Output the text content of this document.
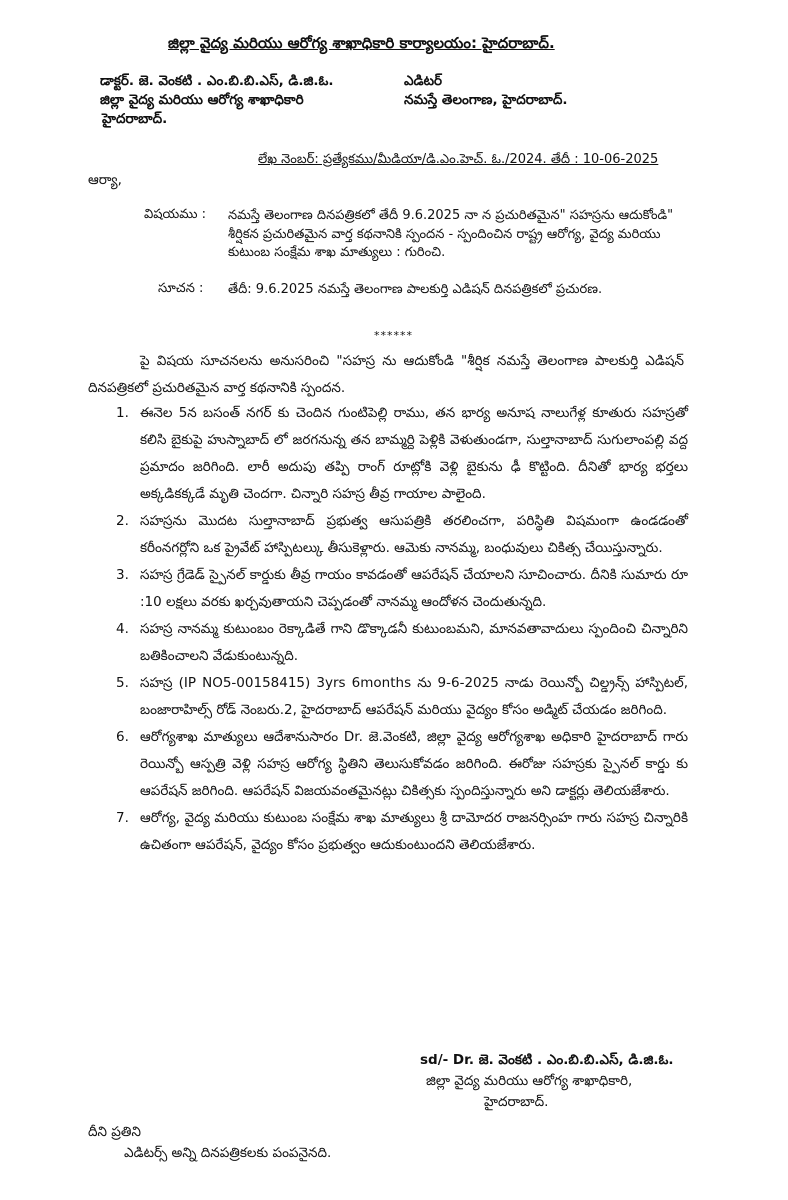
జిల్లా వైద్య మరియు ఆరోగ్య శాఖాధికారి కార్యాలయం: హైదరాబాద్.
డాక్టర్. జె. వెంకటి . ఎం.బి.బి.ఎస్, డి.జి.ఓ.
జిల్లా వైద్య మరియు ఆరోగ్య శాఖాధికారి
హైదరాబాద్.
ఎడిటర్
నమస్తే తెలంగాణ, హైదరాబాద్.
లేఖ నెంబర్: ప్రత్యేకము/మీడియా/డి.ఎం.హెచ్. ఓ./2024. తేదీ : 10-06-2025
ఆర్యా,
విషయము : నమస్తే తెలంగాణ దినపత్రికలో తేదీ 9.6.2025 నా న ప్రచురితమైన" సహస్రను ఆదుకోండి" శీర్షికన ప్రచురితమైన వార్త కథనానికి స్పందన - స్పందించిన రాష్ట్ర ఆరోగ్య, వైద్య మరియు కుటుంబ సంక్షేమ శాఖ మాత్యులు : గురించి.
సూచన : తేదీ: 9.6.2025 నమస్తే తెలంగాణ పాలకుర్తి ఎడిషన్ దినపత్రికలో ప్రచురణ.
******
పై విషయ సూచనలను అనుసరించి "సహస్ర ను ఆదుకోండి "శీర్షిక నమస్తే తెలంగాణ పాలకుర్తి ఎడిషన్ దినపత్రికలో ప్రచురితమైన వార్త కథనానికి స్పందన.
1. ఈనెల 5న బసంత్ నగర్ కు చెందిన గుంటిపెల్లి రాము, తన భార్య అనూష నాలుగేళ్ల కూతురు సహస్రతో కలిసి బైకుపై హుస్నాబాద్ లో జరగనున్న తన బామ్మర్ది పెళ్లికి వెళుతుండగా, సుల్తానాబాద్ సుగులాంపల్లి వద్ద ప్రమాదం జరిగింది. లారీ అదుపు తప్పి రాంగ్ రూట్లోకి వెళ్లి బైకును ఢీ కొట్టింది. దీనితో భార్య భర్తలు అక్కడికక్కడే మృతి చెందగా. చిన్నారి సహస్ర తీవ్ర గాయాల పాలైంది.
2. సహస్రను మొదట సుల్తానాబాద్ ప్రభుత్వ ఆసుపత్రికి తరలించగా, పరిస్థితి విషమంగా ఉండడంతో కరీంనగర్లోని ఒక ప్రైవేట్ హాస్పిటల్కు తీసుకెళ్లారు. ఆమెకు నానమ్మ, బంధువులు చికిత్స చేయిస్తున్నారు.
3. సహస్ర గ్రేడెడ్ స్పైనల్ కార్డుకు తీవ్ర గాయం కావడంతో ఆపరేషన్ చేయాలని సూచించారు. దీనికి సుమారు రూ :10 లక్షలు వరకు ఖర్చవుతాయని చెప్పడంతో నానమ్మ ఆందోళన చెందుతున్నది.
4. సహస్ర నానమ్మ కుటుంబం రెక్కాడితే గాని డొక్కాడనీ కుటుంబమని, మానవతావాదులు స్పందించి చిన్నారిని బతికించాలని వేడుకుంటున్నది.
5. సహస్ర (IP NO5-00158415) 3yrs 6months ను 9-6-2025 నాడు రెయిన్బో చిల్డ్రన్స్ హాస్పిటల్, బంజారాహిల్స్ రోడ్ నెంబరు.2, హైదరాబాద్ ఆపరేషన్ మరియు వైద్యం కోసం అడ్మిట్ చేయడం జరిగింది.
6. ఆరోగ్యశాఖ మాత్యులు ఆదేశానుసారం Dr. జె.వెంకటి, జిల్లా వైద్య ఆరోగ్యశాఖ అధికారి హైదరాబాద్ గారు రెయిన్బో ఆస్పత్రి వెళ్లి సహస్ర ఆరోగ్య స్థితిని తెలుసుకోవడం జరిగింది. ఈరోజు సహస్రకు స్పైనల్ కార్డు కు ఆపరేషన్ జరిగింది. ఆపరేషన్ విజయవంతమైనట్లు చికిత్సకు స్పందిస్తున్నారు అని డాక్టర్లు తెలియజేశారు.
7. ఆరోగ్య, వైద్య మరియు కుటుంబ సంక్షేమ శాఖ మాత్యులు శ్రీ దామోదర రాజనర్సింహ గారు సహస్ర చిన్నారికి ఉచితంగా ఆపరేషన్, వైద్యం కోసం ప్రభుత్వం ఆదుకుంటుందని తెలియజేశారు.
sd/- Dr. జె. వెంకటి . ఎం.బి.బి.ఎస్, డి.జి.ఓ.
జిల్లా వైద్య మరియు ఆరోగ్య శాఖాధికారి,
హైదరాబాద్.
దీని ప్రతిని
ఎడిటర్స్ అన్ని దినపత్రికలకు పంపనైనది.
